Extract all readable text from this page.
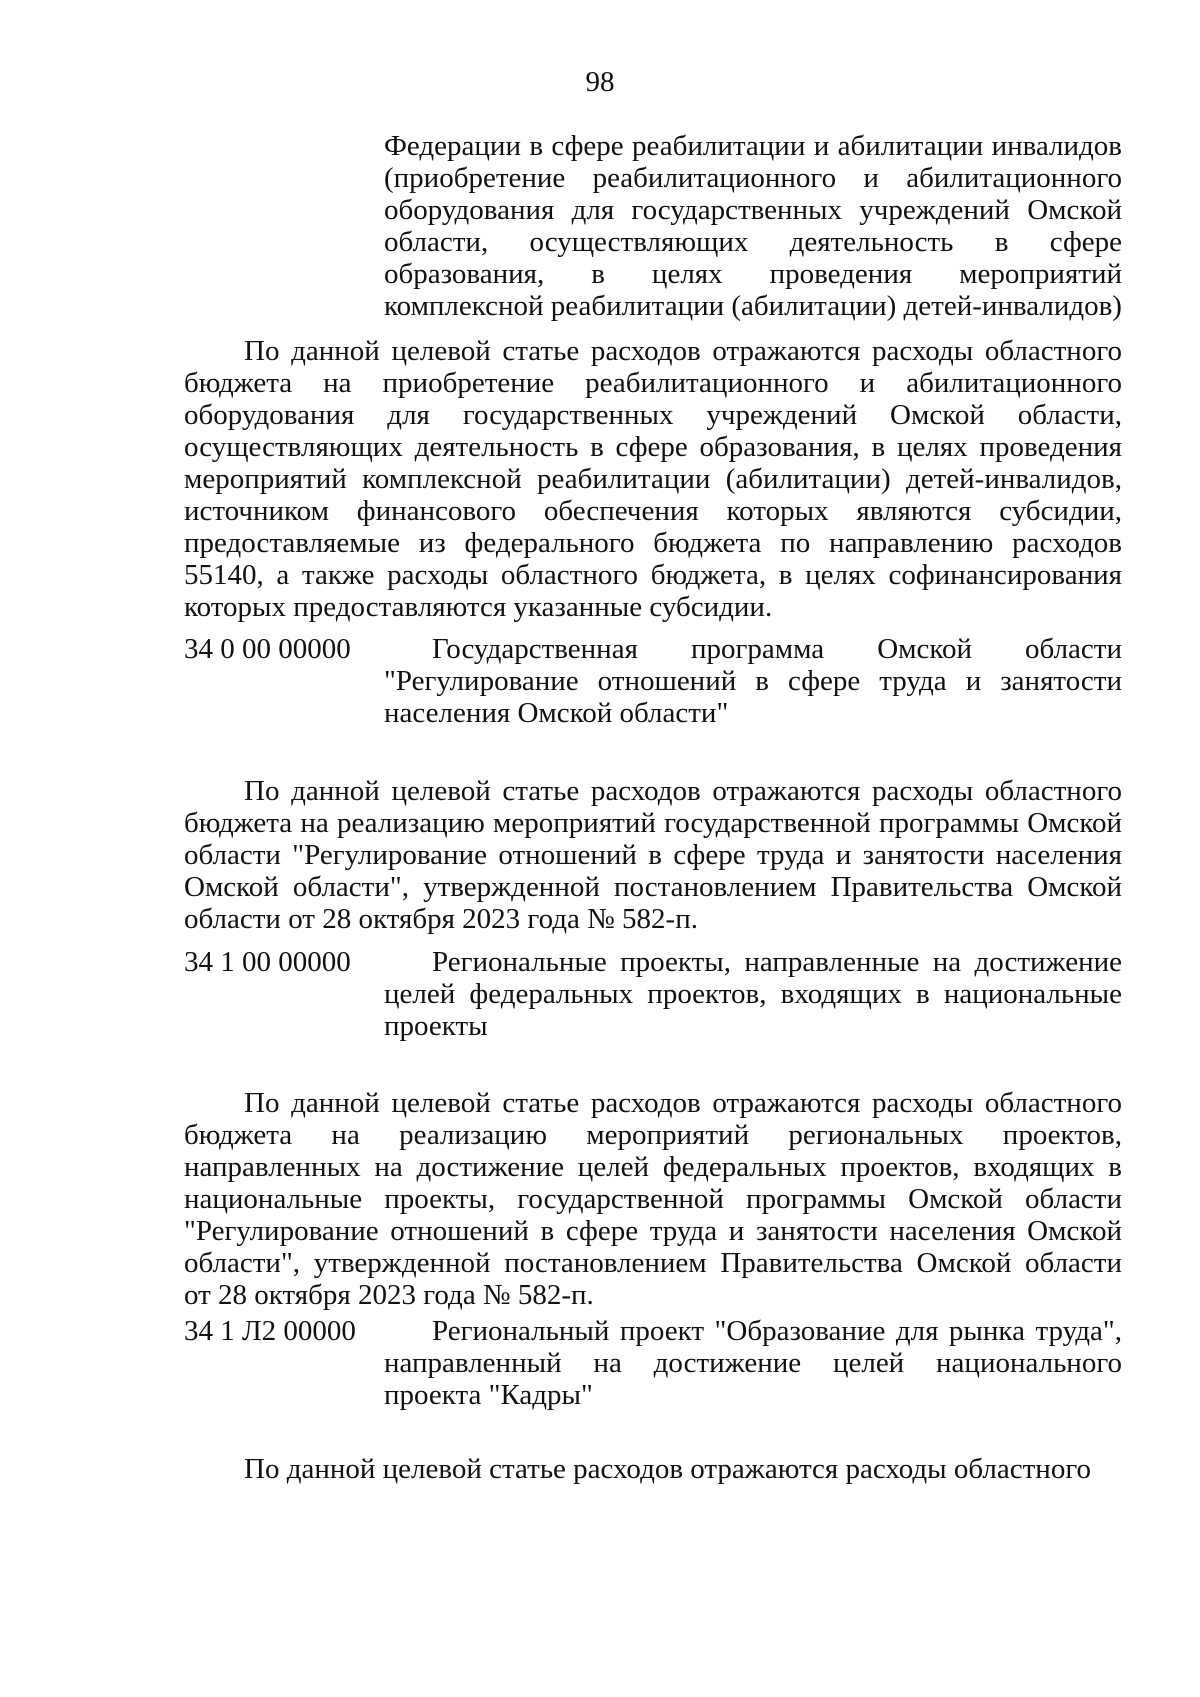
98
Федерации в сфере реабилитации и абилитации инвалидов (приобретение реабилитационного и абилитационного оборудования для государственных учреждений Омской области, осуществляющих деятельность в сфере образования, в целях проведения мероприятий комплексной реабилитации (абилитации) детей-инвалидов)

По данной целевой статье расходов отражаются расходы областного бюджета на приобретение реабилитационного и абилитационного оборудования для государственных учреждений Омской области, осуществляющих деятельность в сфере образования, в целях проведения мероприятий комплексной реабилитации (абилитации) детей-инвалидов, источником финансового обеспечения которых являются субсидии, предоставляемые из федерального бюджета по направлению расходов 55140, а также расходы областного бюджета, в целях софинансирования которых предоставляются указанные субсидии.

34 0 00 00000	Государственная программа Омской области "Регулирование отношений в сфере труда и занятости населения Омской области"

По данной целевой статье расходов отражаются расходы областного бюджета на реализацию мероприятий государственной программы Омской области "Регулирование отношений в сфере труда и занятости населения Омской области", утвержденной постановлением Правительства Омской области от 28 октября 2023 года № 582-п.

34 1 00 00000	Региональные проекты, направленные на достижение целей федеральных проектов, входящих в национальные проекты

По данной целевой статье расходов отражаются расходы областного бюджета на реализацию мероприятий региональных проектов, направленных на достижение целей федеральных проектов, входящих в национальные проекты, государственной программы Омской области "Регулирование отношений в сфере труда и занятости населения Омской области", утвержденной постановлением Правительства Омской области от 28 октября 2023 года № 582-п.

34 1 Л2 00000	Региональный проект "Образование для рынка труда", направленный на достижение целей национального проекта "Кадры"

По данной целевой статье расходов отражаются расходы областного
